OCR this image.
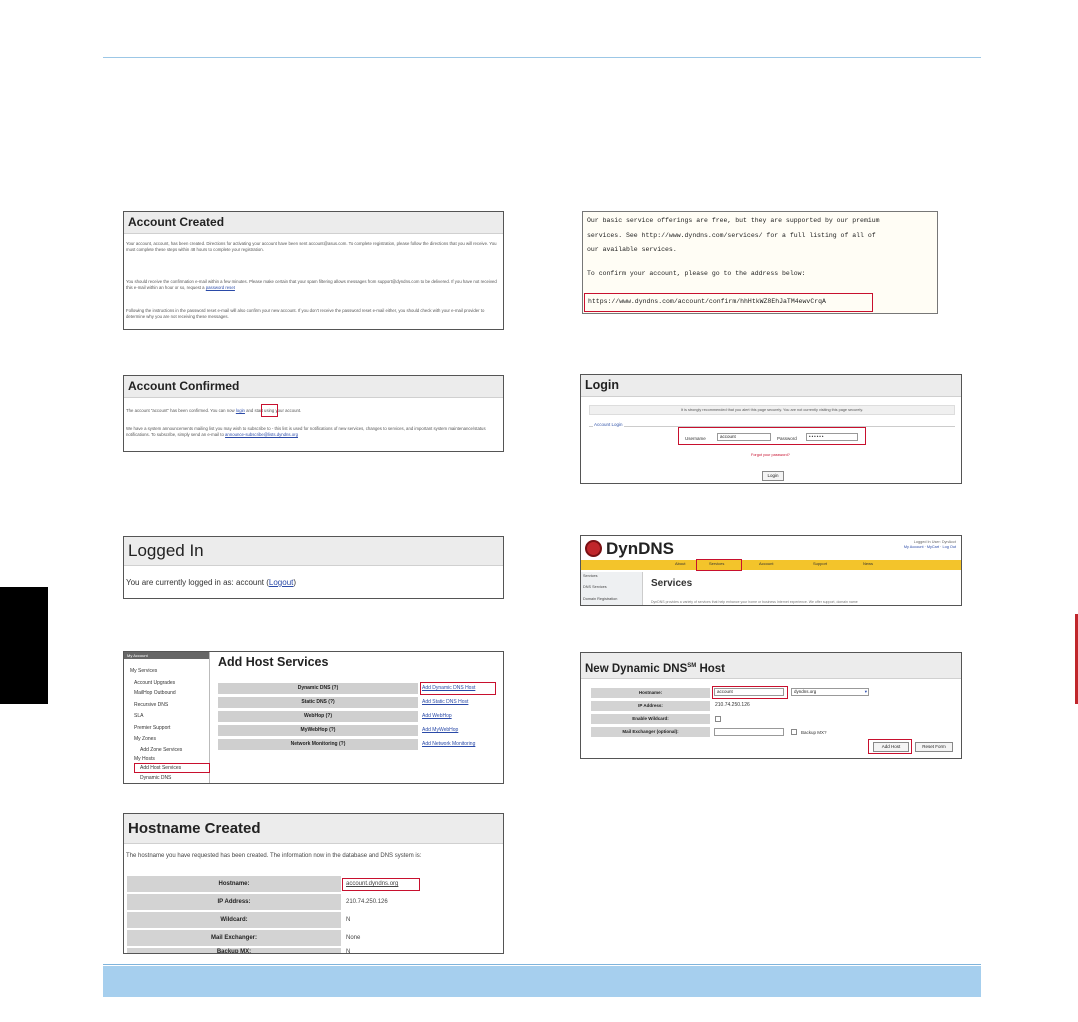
Account Created
Your account, account, has been created. Directions for activating your account have been sent account@asus.com. To complete registration, please follow the directions that you will receive. You must complete these steps within 48 hours to complete your registration.
You should receive the confirmation e-mail within a few minutes. Please make certain that your spam filtering allows messages from support@dyndns.com to be delivered. If you have not received this e-mail within an hour or so, request a password reset
Following the instructions in the password reset e-mail will also confirm your new account. If you don't receive the password reset e-mail either, you should check with your e-mail provider to determine why you are not receiving these messages.
Our basic service offerings are free, but they are supported by our premium
services. See http://www.dyndns.com/services/ for a full listing of all of
our available services.
To confirm your account, please go to the address below:
https://www.dyndns.com/account/confirm/hhHtkWZ8EhJaTM4ewvCrqA
Account Confirmed
The account "account" has been confirmed. You can now login and start using your account.
We have a system announcements mailing list you may wish to subscribe to - this list is used for notifications of new services, changes to services, and important system maintenance/status notifications. To subscribe, simply send an e-mail to announce-subscribe@lists.dyndns.org
Login
It is strongly recommended that you alert this page securely. You are not currently visiting this page securely.
Account Login
Username	account	Password	••••••
Forgot your password?
Login
Logged In
You are currently logged in as: account (Logout)
DynDNS	Logged In User: DynAcct
My Account · MyCart · Log Out
About	Services	Account	Support	News
Services
DNS Services
Domain Registration
Services
DynDNS provides a variety of services that help enhance your home or business Internet experience. We offer support, domain name
My Account
My Services
Account Upgrades
MailHop Outbound
Recursive DNS
SLA
Premier Support
My Zones
Add Zone Services
My Hosts
Add Host Services
Dynamic DNS
Add Host Services
Dynamic DNS (?)	Add Dynamic DNS Host
Static DNS (?)	Add Static DNS Host
WebHop (?)	Add WebHop
MyWebHop (?)	Add MyWebHop
Network Monitoring (?)	Add Network Monitoring
New Dynamic DNS℠ Host
Hostname:	account	dyndns.org	▾
IP Address:	210.74.250.126
Enable Wildcard:
Mail Exchanger (optional):	Backup MX?
Add Host	Reset Form
Hostname Created
The hostname you have requested has been created. The information now in the database and DNS system is:
Hostname:	account.dyndns.org
IP Address:	210.74.250.126
Wildcard:	N
Mail Exchanger:	None
Backup MX:	N
